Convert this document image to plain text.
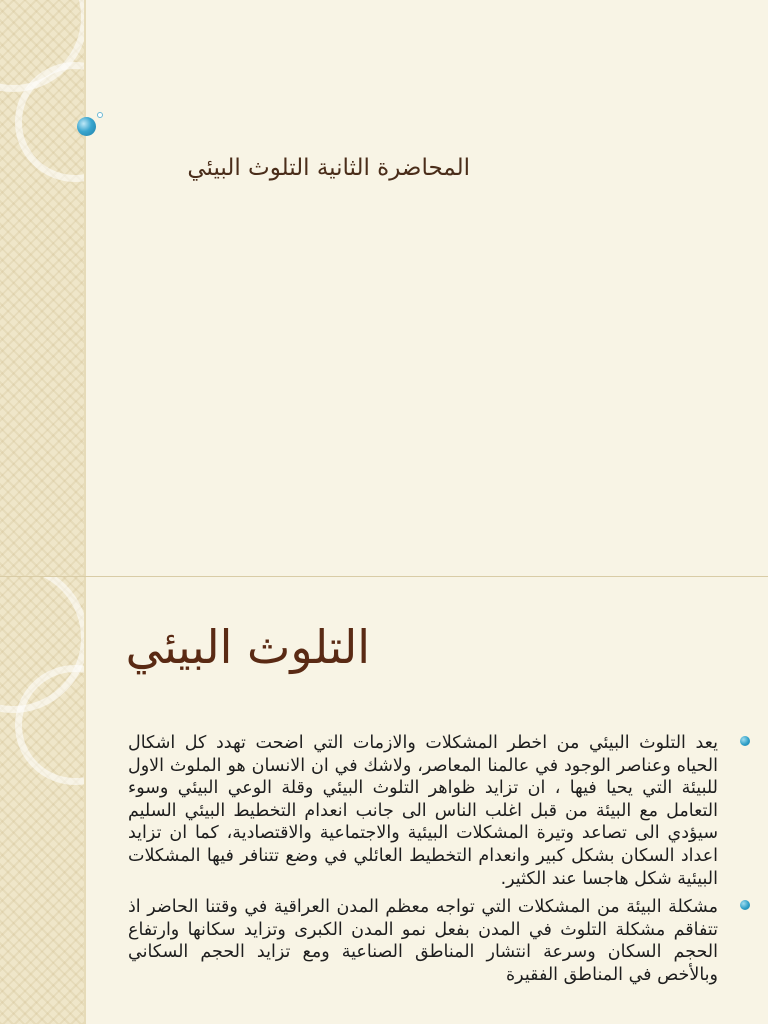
المحاضرة الثانية التلوث البيئي
التلوث البيئي
يعد التلوث البيئي من اخطر المشكلات والازمات التي اضحت تهدد كل اشكال الحياه وعناصر الوجود في عالمنا المعاصر، ولاشك في ان الانسان هو الملوث الاول للبيئة التي يحيا فيها ، ان تزايد ظواهر التلوث البيئي وقلة الوعي البيئي وسوء التعامل مع البيئة من قبل اغلب الناس الى جانب انعدام التخطيط البيئي السليم سيؤدي الى تصاعد وتيرة المشكلات البيئية والاجتماعية والاقتصادية، كما ان تزايد اعداد السكان بشكل كبير وانعدام التخطيط العائلي في وضع تتنافر فيها المشكلات البيئية شكل هاجسا عند الكثير.
مشكلة البيئة من المشكلات التي تواجه معظم المدن العراقية في وقتنا الحاضر اذ تتفاقم مشكلة التلوث في المدن بفعل نمو المدن الكبرى وتزايد سكانها وارتفاع الحجم السكان وسرعة انتشار المناطق الصناعية ومع تزايد الحجم السكاني وبالأخص في المناطق الفقيرة
